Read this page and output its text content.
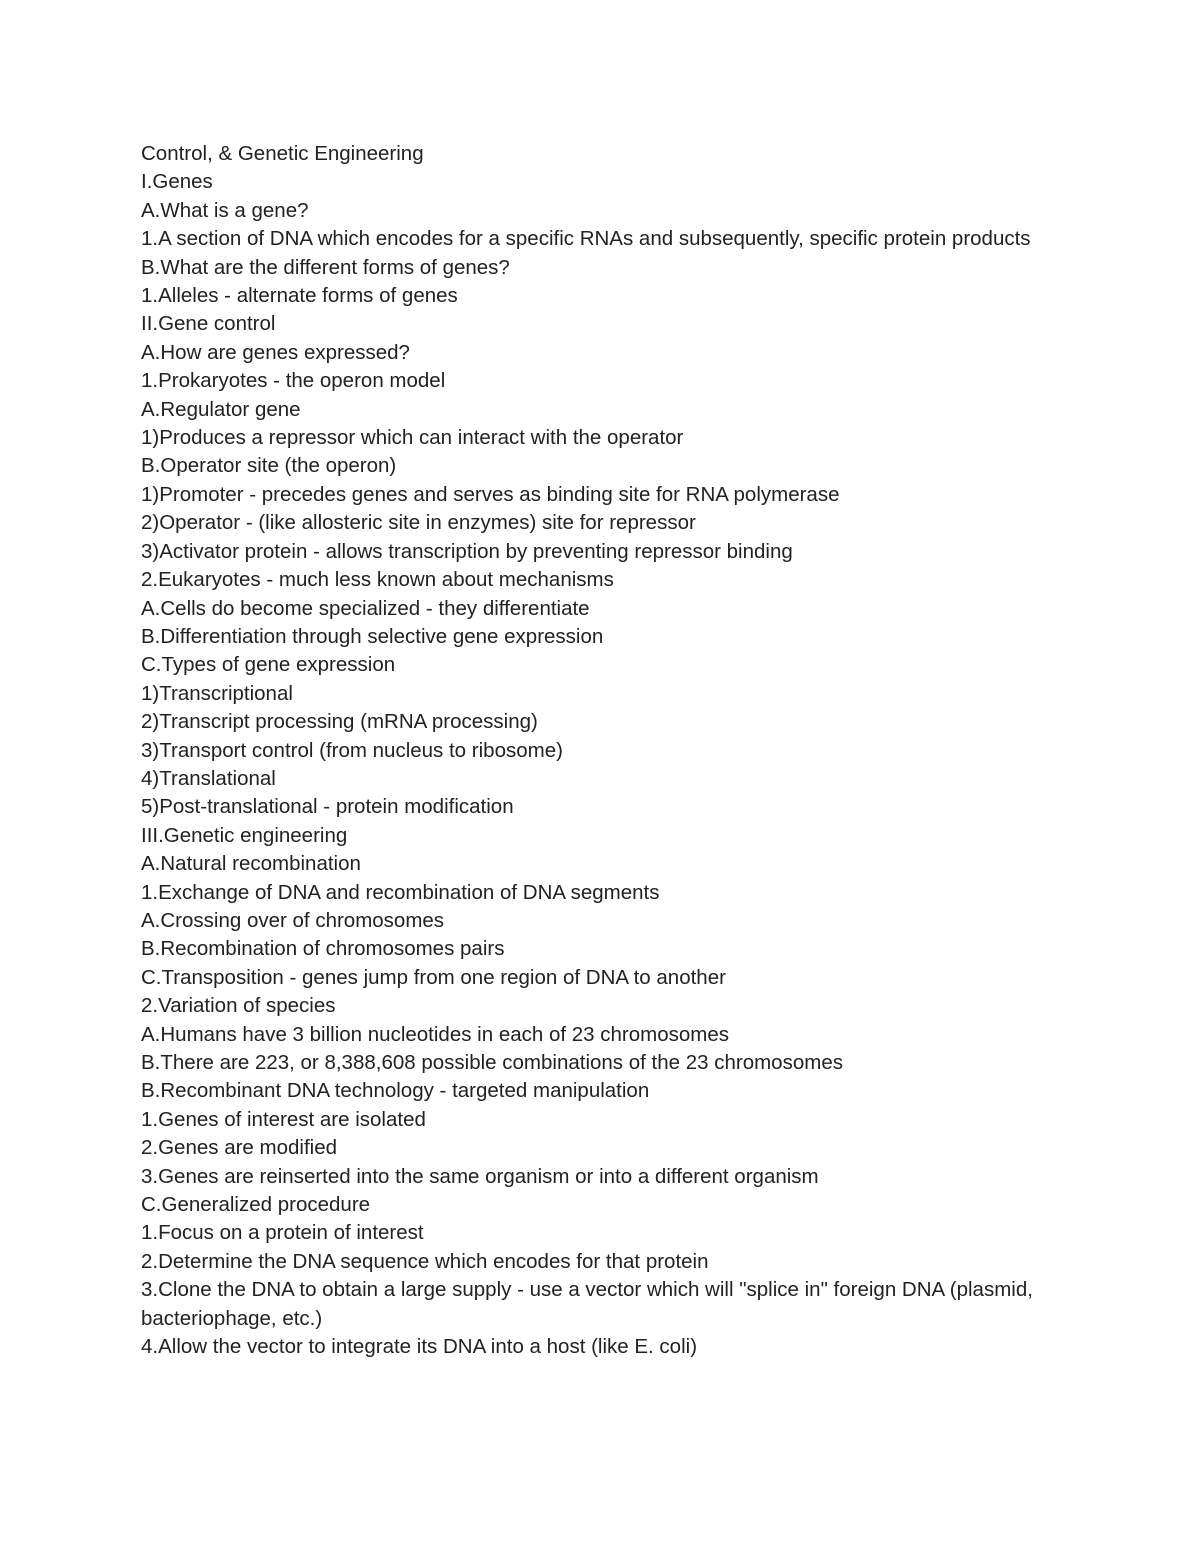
Control, & Genetic Engineering
I.Genes
A.What is a gene?
1.A section of DNA which encodes for a specific RNAs and subsequently, specific protein products
B.What are the different forms of genes?
1.Alleles - alternate forms of genes
II.Gene control
A.How are genes expressed?
1.Prokaryotes - the operon model
A.Regulator gene
1)Produces a repressor which can interact with the operator
B.Operator site (the operon)
1)Promoter - precedes genes and serves as binding site for RNA polymerase
2)Operator - (like allosteric site in enzymes) site for repressor
3)Activator protein - allows transcription by preventing repressor binding
2.Eukaryotes - much less known about mechanisms
A.Cells do become specialized - they differentiate
B.Differentiation through selective gene expression
C.Types of gene expression
1)Transcriptional
2)Transcript processing (mRNA processing)
3)Transport control (from nucleus to ribosome)
4)Translational
5)Post-translational - protein modification
III.Genetic engineering
A.Natural recombination
1.Exchange of DNA and recombination of DNA segments
A.Crossing over of chromosomes
B.Recombination of chromosomes pairs
C.Transposition - genes jump from one region of DNA to another
2.Variation of species
A.Humans have 3 billion nucleotides in each of 23 chromosomes
B.There are 223, or 8,388,608 possible combinations of the 23 chromosomes
B.Recombinant DNA technology - targeted manipulation
1.Genes of interest are isolated
2.Genes are modified
3.Genes are reinserted into the same organism or into a different organism
C.Generalized procedure
1.Focus on a protein of interest
2.Determine the DNA sequence which encodes for that protein
3.Clone the DNA to obtain a large supply - use a vector which will "splice in" foreign DNA (plasmid, bacteriophage, etc.)
4.Allow the vector to integrate its DNA into a host (like E. coli)
